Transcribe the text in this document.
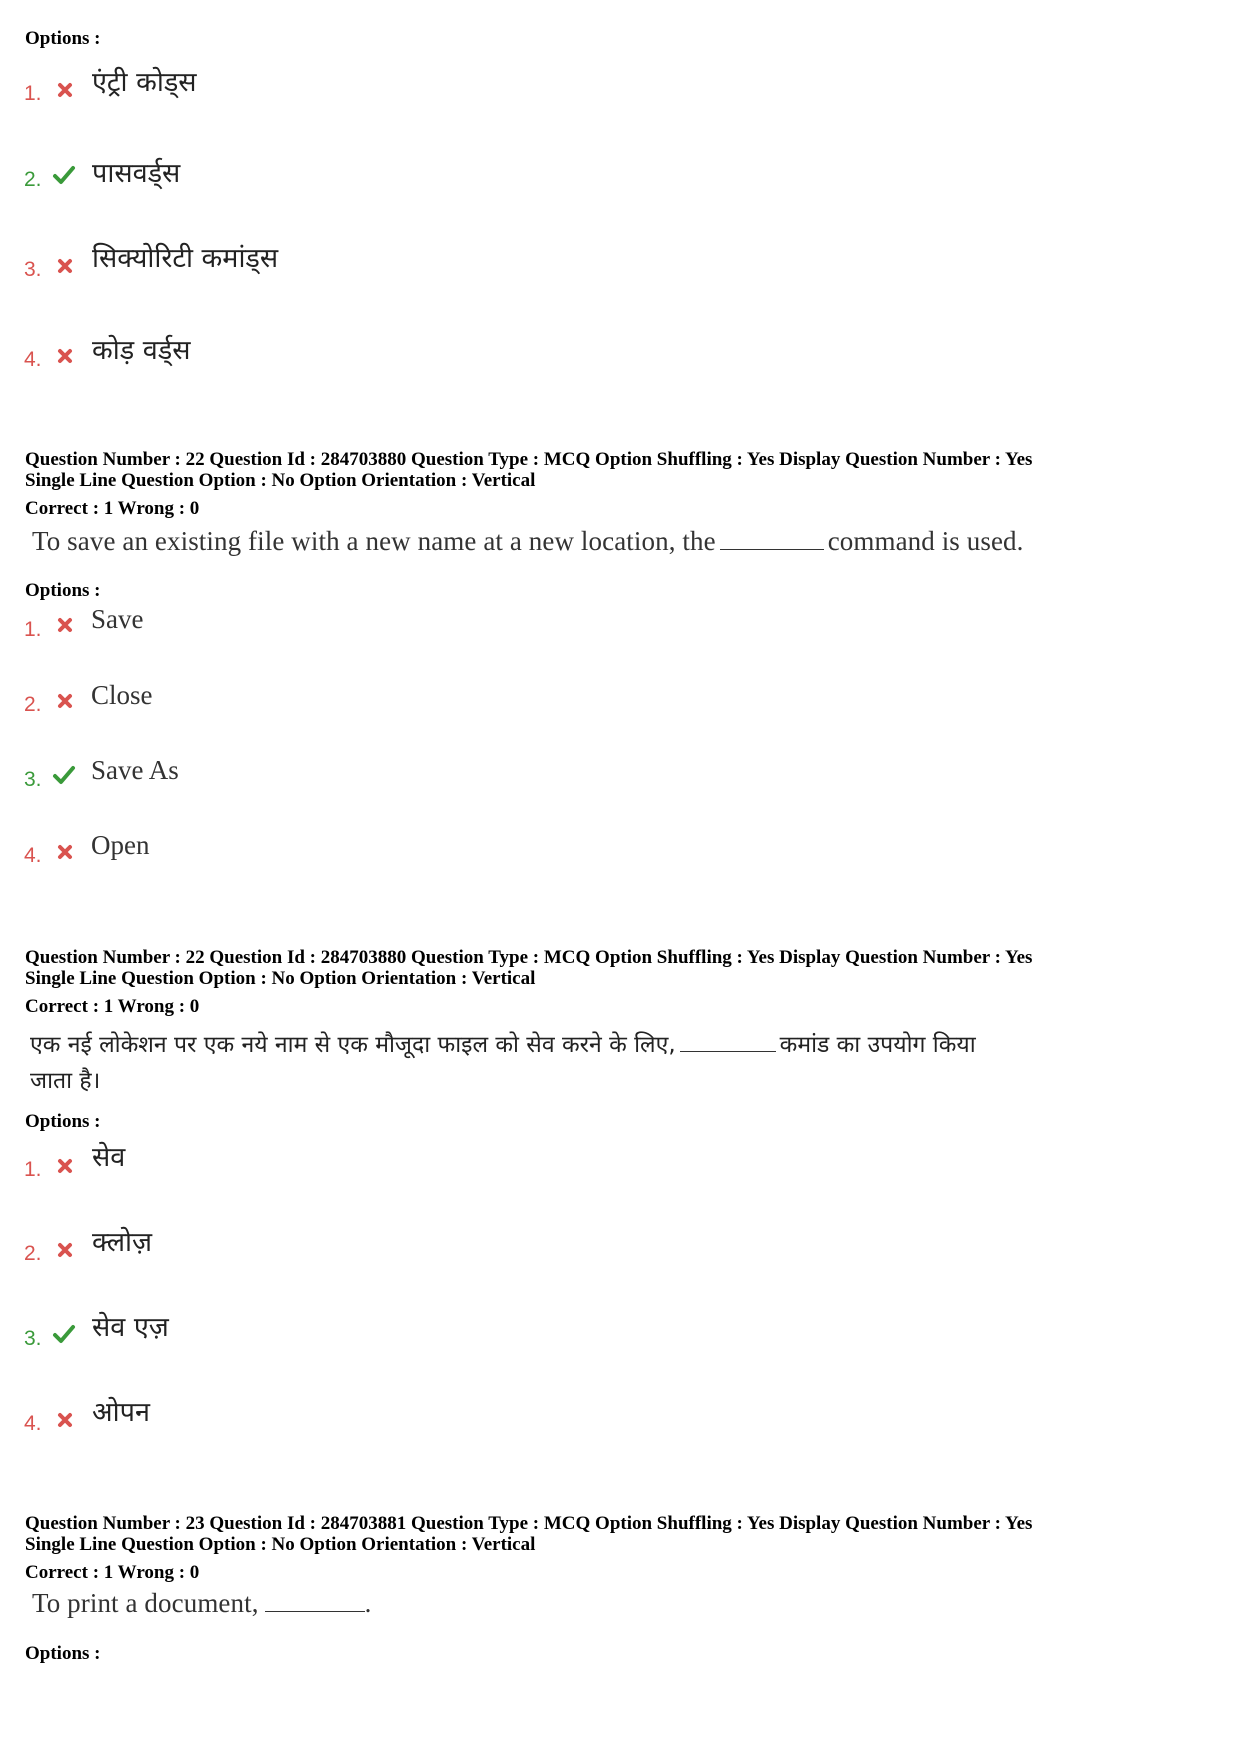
Options :
1. एंट्री कोड्स
2. पासवर्ड्स
3. सिक्योरिटी कमांड्स
4. कोड़ वर्ड्स
Question Number : 22 Question Id : 284703880 Question Type : MCQ Option Shuffling : Yes Display Question Number : Yes
Single Line Question Option : No Option Orientation : Vertical
Correct : 1 Wrong : 0
To save an existing file with a new name at a new location, the	command is used.
Options :
1. Save
2. Close
3. Save As
4. Open
Question Number : 22 Question Id : 284703880 Question Type : MCQ Option Shuffling : Yes Display Question Number : Yes
Single Line Question Option : No Option Orientation : Vertical
Correct : 1 Wrong : 0
एक नई लोकेशन पर एक नये नाम से एक मौजूदा फाइल को सेव करने के लिए,	कमांड का उपयोग किया
जाता है।
Options :
1. सेव
2. क्लोज़
3. सेव एज़
4. ओपन
Question Number : 23 Question Id : 284703881 Question Type : MCQ Option Shuffling : Yes Display Question Number : Yes
Single Line Question Option : No Option Orientation : Vertical
Correct : 1 Wrong : 0
To print a document,	.
Options :
